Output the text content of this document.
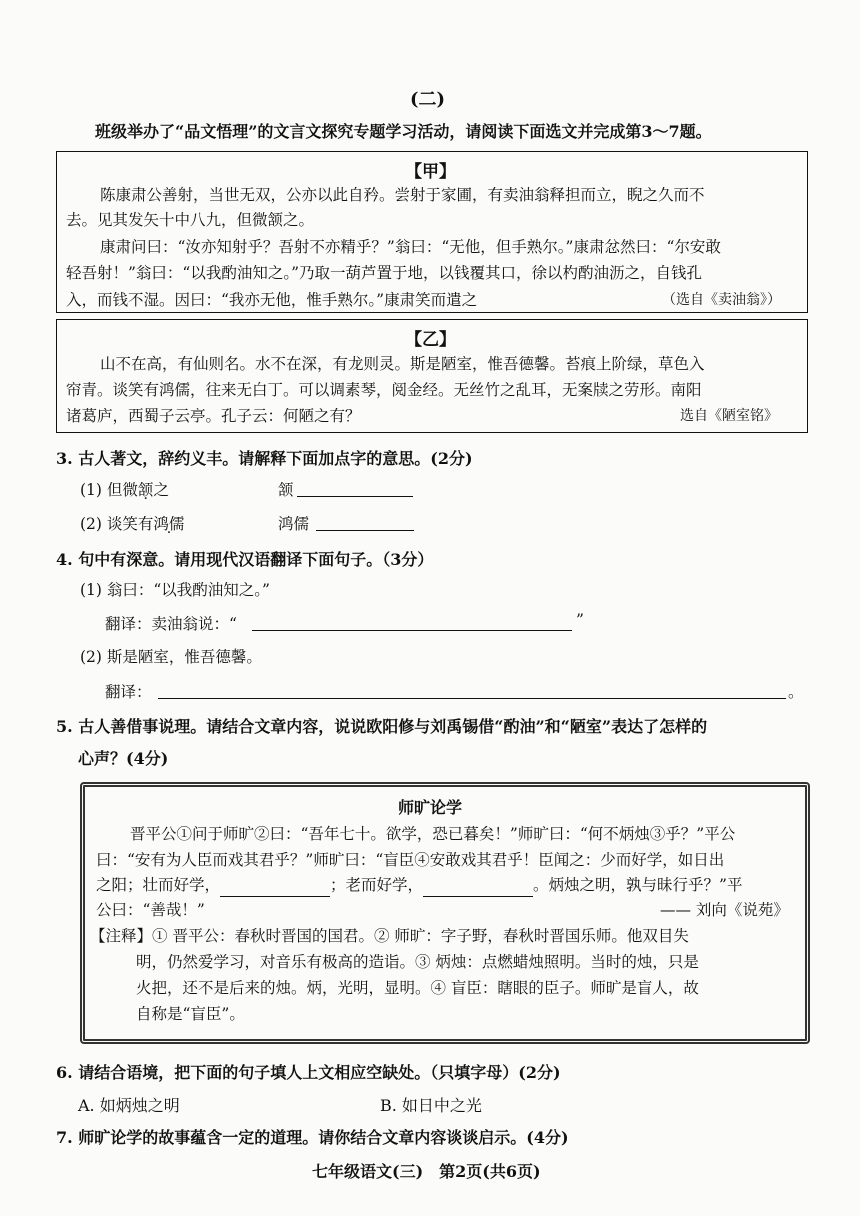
(二)
班级举办了“品文悟理”的文言文探究专题学习活动，请阅读下面选文并完成第3～7题。
【甲】
陈康肃公善射，当世无双，公亦以此自矜。尝射于家圃，有卖油翁释担而立，睨之久而不
去。见其发矢十中八九，但微颔之。
康肃问曰：“汝亦知射乎？吾射不亦精乎？”翁曰：“无他，但手熟尔。”康肃忿然曰：“尔安敢
轻吾射！”翁曰：“以我酌油知之。”乃取一葫芦置于地，以钱覆其口，徐以杓酌油沥之，自钱孔
入，而钱不湿。因曰：“我亦无他，惟手熟尔。”康肃笑而遣之	（选自《卖油翁》）
【乙】
山不在高，有仙则名。水不在深，有龙则灵。斯是陋室，惟吾德馨。苔痕上阶绿，草色入
帘青。谈笑有鸿儒，往来无白丁。可以调素琴，阅金经。无丝竹之乱耳，无案牍之劳形。南阳
诸葛庐，西蜀子云亭。孔子云：何陋之有？	选自《陋室铭》
3. 古人著文，辞约义丰。请解释下面加点字的意思。(2分)
(1) 但微颔之	颔
(2) 谈笑有鸿儒	鸿儒
4. 句中有深意。请用现代汉语翻译下面句子。（3分）
(1) 翁曰：“以我酌油知之。”
翻译：卖油翁说：“	”
(2) 斯是陋室，惟吾德馨。
翻译：	。
5. 古人善借事说理。请结合文章内容，说说欧阳修与刘禹锡借“酌油”和“陋室”表达了怎样的
心声？(4分)
师旷论学
晋平公①问于师旷②曰：“吾年七十。欲学，恐已暮矣！”师旷曰：“何不炳烛③乎？”平公
曰：“安有为人臣而戏其君乎？”师旷曰：“盲臣④安敢戏其君乎！臣闻之：少而好学，如日出
之阳；壮而好学，	；老而好学，	。炳烛之明，孰与昧行乎？”平
公曰：“善哉！”	—— 刘向《说苑》
【注释】① 晋平公：春秋时晋国的国君。② 师旷：字子野，春秋时晋国乐师。他双目失
明，仍然爱学习，对音乐有极高的造诣。③ 炳烛：点燃蜡烛照明。当时的烛，只是
火把，还不是后来的烛。炳，光明，显明。④ 盲臣：瞎眼的臣子。师旷是盲人，故
自称是“盲臣”。
6. 请结合语境，把下面的句子填人上文相应空缺处。（只填字母）(2分)
A. 如炳烛之明	B. 如日中之光
7. 师旷论学的故事蕴含一定的道理。请你结合文章内容谈谈启示。(4分)
七年级语文(三)　第2页(共6页)
